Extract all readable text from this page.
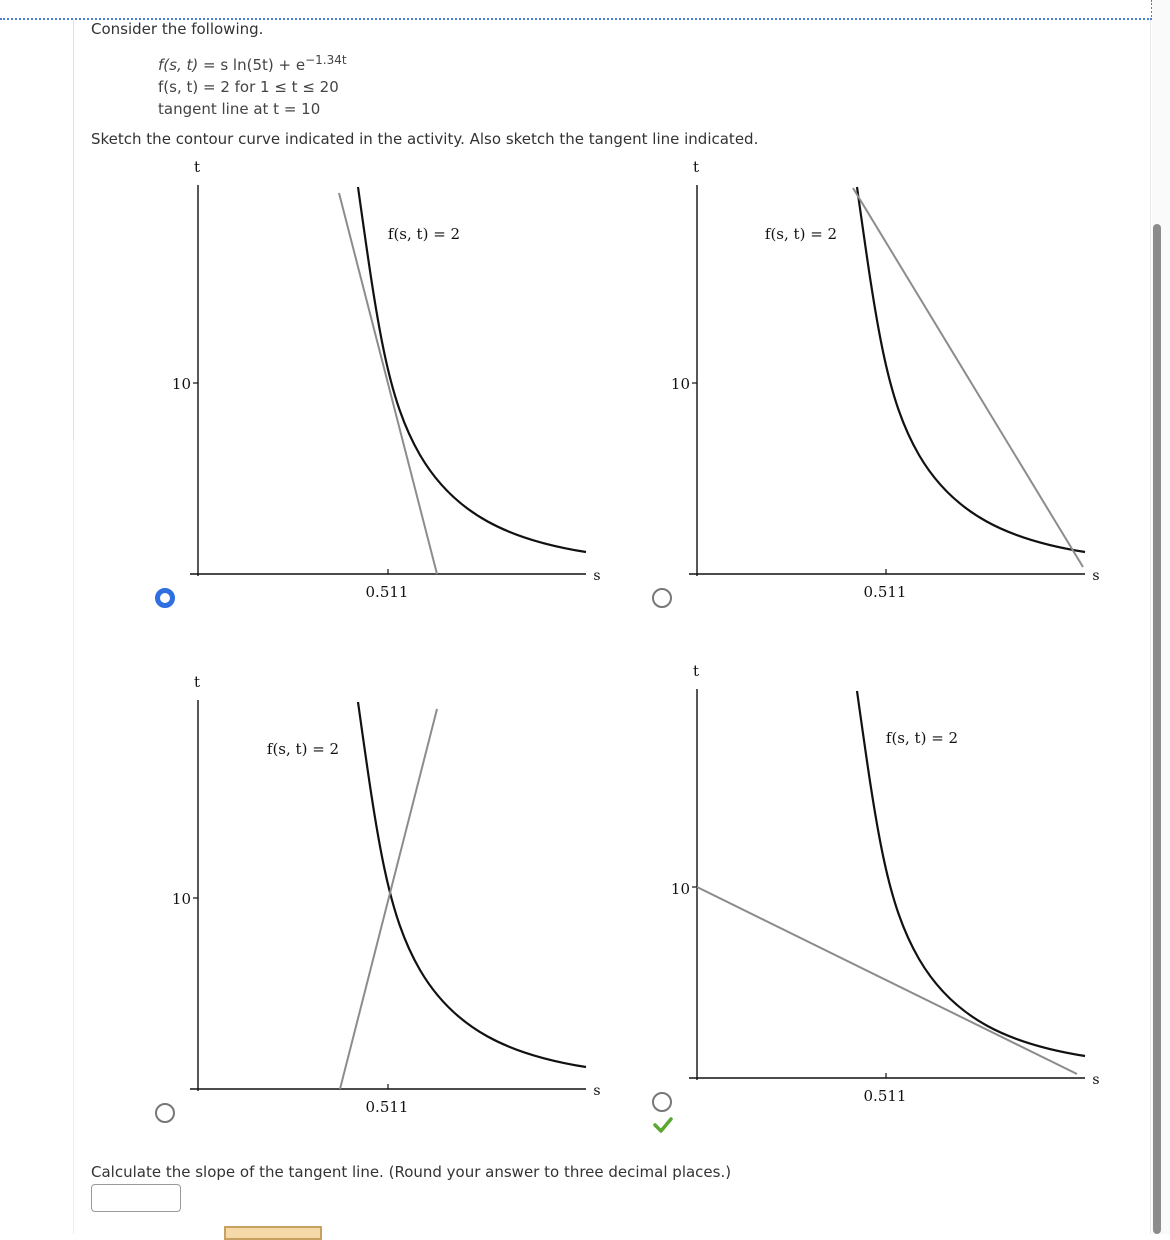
Consider the following.
f(s, t) = s $\ln(5t) + e^{-1.34t}$
f(s, t) = 2 for 1 ≤ t ≤ 20
tangent line at t = 10
Sketch the contour curve indicated in the activity. Also sketch the tangent line indicated.
t
s
10
0.511
f(s, t) = 2
t
s
10
0.511
f(s, t) = 2
t
s
10
0.511
f(s, t) = 2
t
s
10
0.511
f(s, t) = 2
Calculate the slope of the tangent line. (Round your answer to three decimal places.)
